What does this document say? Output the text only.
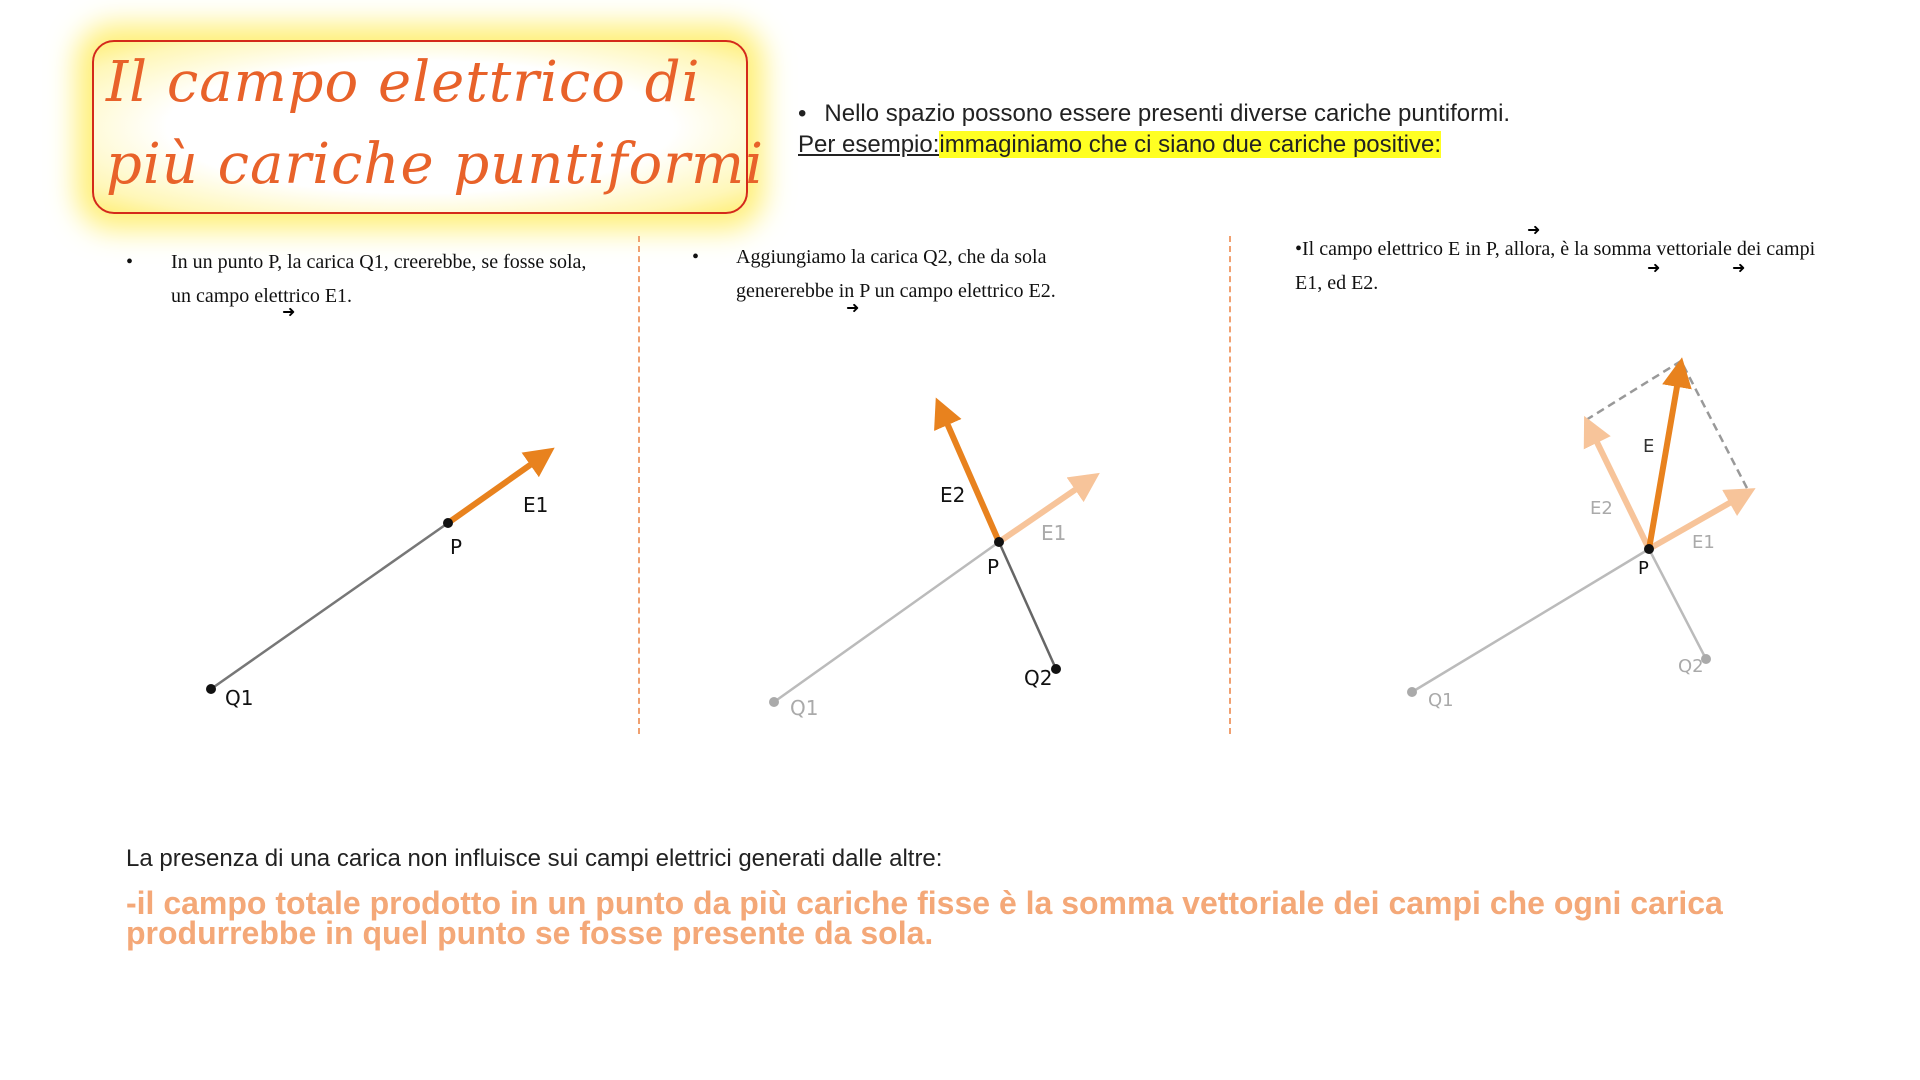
Il campo elettrico di
più cariche puntiformi
• Nello spazio possono essere presenti diverse cariche puntiformi.
Per esempio:immaginiamo che ci siano due cariche positive:
• In un punto P, la carica Q1, creerebbe, se fosse sola, un campo elettrico E1.
➜
• Aggiungiamo la carica Q2, che da sola genererebbe in P un campo elettrico E2.
➜
•Il campo elettrico E in P, allora, è la somma vettoriale dei campi E1, ed E2.
➜
➜	➜
Q1
P
E1
Q1
Q2
P
E1
E2
Q1
Q2
P
E
E1
E2
La presenza di una carica non influisce sui campi elettrici generati dalle altre:
-il campo totale prodotto in un punto da più cariche fisse è la somma vettoriale dei campi che ogni carica produrrebbe in quel punto se fosse presente da sola.
